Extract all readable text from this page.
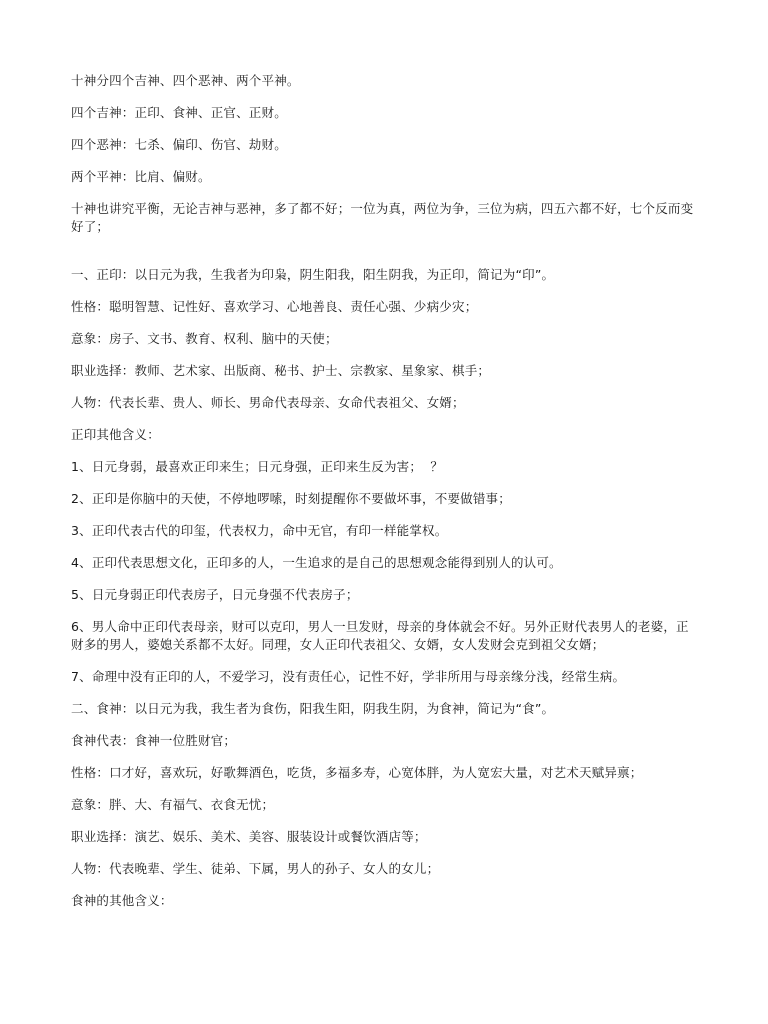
十神分四个吉神、四个恶神、两个平神。

四个吉神：正印、食神、正官、正财。

四个恶神：七杀、偏印、伤官、劫财。

两个平神：比肩、偏财。

十神也讲究平衡，无论吉神与恶神，多了都不好；一位为真，两位为争，三位为病，四五六都不好，七个反而变好了；

一、正印：以日元为我，生我者为印枭，阴生阳我，阳生阴我，为正印，简记为“印”。

性格：聪明智慧、记性好、喜欢学习、心地善良、责任心强、少病少灾；

意象：房子、文书、教育、权利、脑中的天使；

职业选择：教师、艺术家、出版商、秘书、护士、宗教家、星象家、棋手；

人物：代表长辈、贵人、师长、男命代表母亲、女命代表祖父、女婿；

正印其他含义：

1、日元身弱，最喜欢正印来生；日元身强，正印来生反为害；  ？

2、正印是你脑中的天使，不停地啰嗦，时刻提醒你不要做坏事，不要做错事；

3、正印代表古代的印玺，代表权力，命中无官，有印一样能掌权。

4、正印代表思想文化，正印多的人，一生追求的是自己的思想观念能得到别人的认可。

5、日元身弱正印代表房子，日元身强不代表房子；

6、男人命中正印代表母亲，财可以克印，男人一旦发财，母亲的身体就会不好。另外正财代表男人的老婆，正财多的男人，婆媳关系都不太好。同理，女人正印代表祖父、女婿，女人发财会克到祖父女婿；

7、命理中没有正印的人，不爱学习，没有责任心，记性不好，学非所用与母亲缘分浅，经常生病。

二、食神：以日元为我，我生者为食伤，阳我生阳，阴我生阴，为食神，简记为“食”。

食神代表：食神一位胜财官；

性格：口才好，喜欢玩，好歌舞酒色，吃货，多福多寿，心宽体胖，为人宽宏大量，对艺术天赋异禀；

意象：胖、大、有福气、衣食无忧；

职业选择：演艺、娱乐、美术、美容、服装设计或餐饮酒店等；

人物：代表晚辈、学生、徒弟、下属，男人的孙子、女人的女儿；

食神的其他含义：
